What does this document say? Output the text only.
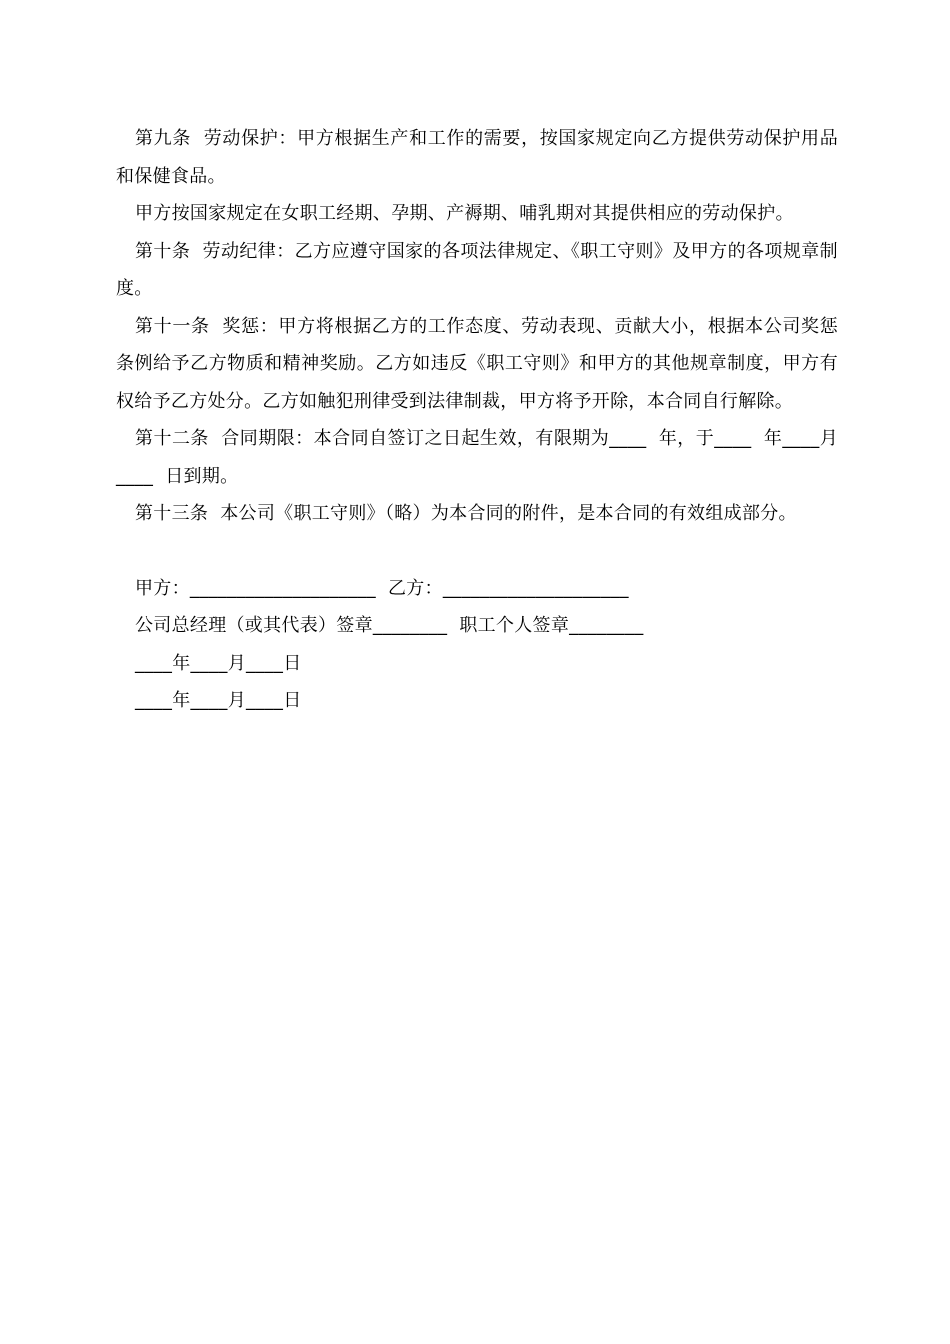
第九条  劳动保护：甲方根据生产和工作的需要，按国家规定向乙方提供劳动保护用品和保健食品。

甲方按国家规定在女职工经期、孕期、产褥期、哺乳期对其提供相应的劳动保护。

第十条  劳动纪律：乙方应遵守国家的各项法律规定、《职工守则》及甲方的各项规章制度。

第十一条  奖惩：甲方将根据乙方的工作态度、劳动表现、贡献大小，根据本公司奖惩条例给予乙方物质和精神奖励。乙方如违反《职工守则》和甲方的其他规章制度，甲方有权给予乙方处分。乙方如触犯刑律受到法律制裁，甲方将予开除，本合同自行解除。

第十二条  合同期限：本合同自签订之日起生效，有限期为____  年，于____  年____月____  日到期。

第十三条  本公司《职工守则》（略）为本合同的附件，是本合同的有效组成部分。

甲方：____________________  乙方：____________________

公司总经理（或其代表）签章________  职工个人签章________

____年____月____日

____年____月____日
